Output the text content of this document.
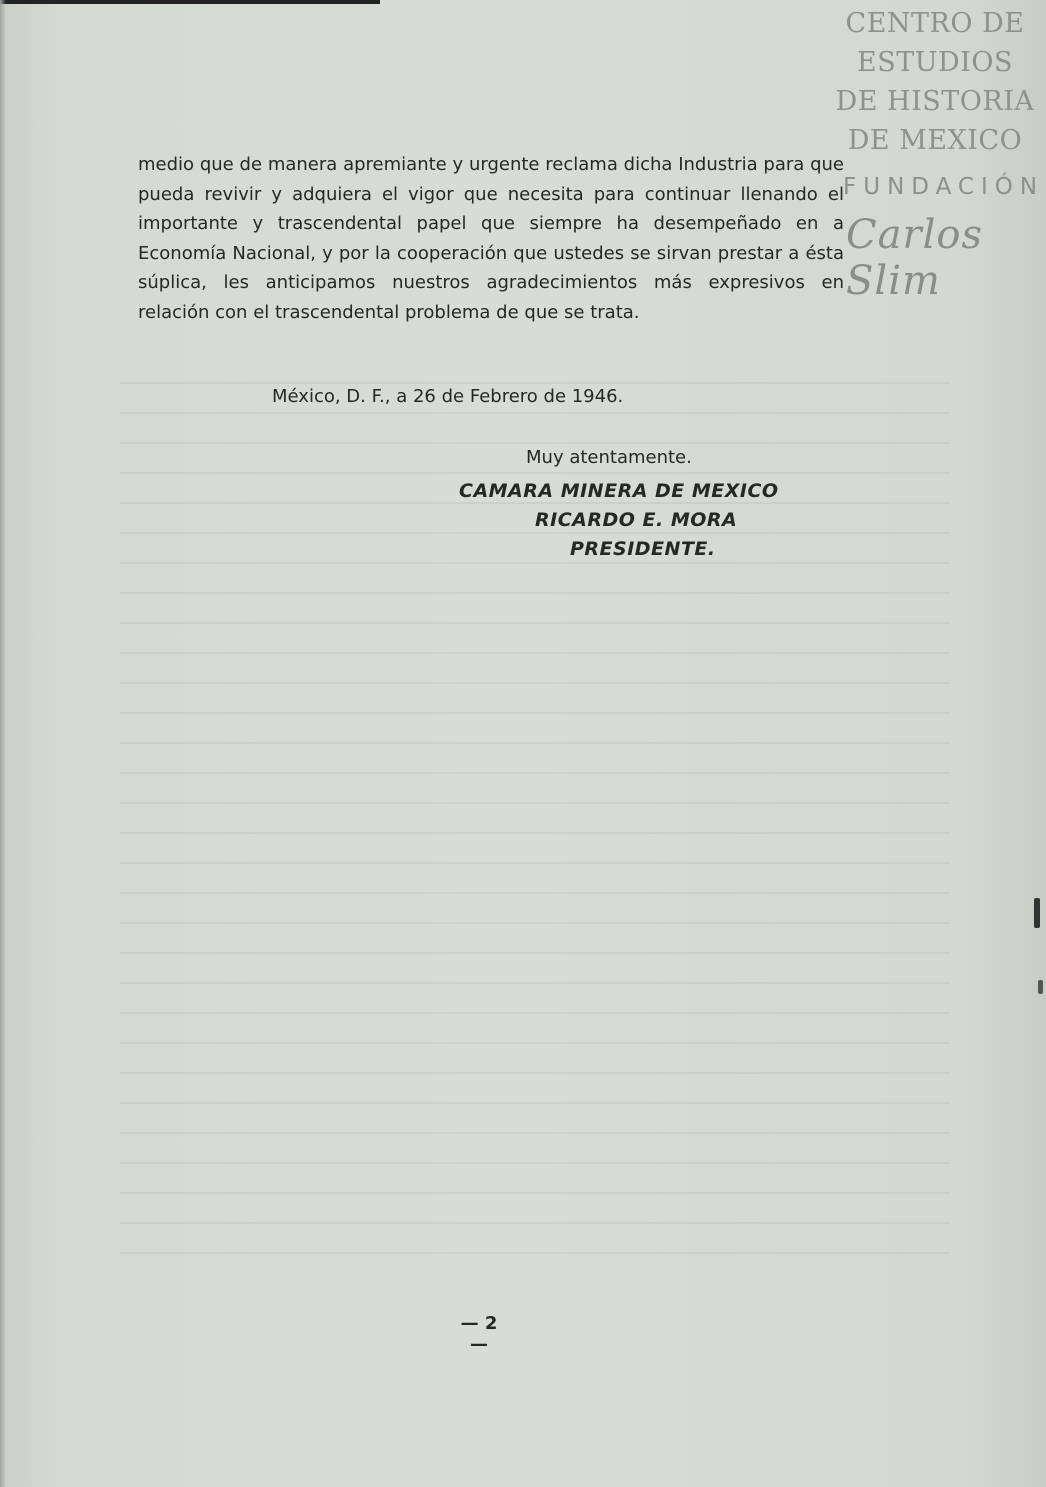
CENTRO DE
ESTUDIOS
DE HISTORIA
DE MEXICO
FUNDACIÓN
Carlos Slim
medio que de manera apremiante y urgente reclama dicha Industria para que pueda revivir y adquiera el vigor que necesita para continuar llenando el importante y trascendental papel que siempre ha desempeñado en a Economía Nacional, y por la cooperación que ustedes se sirvan prestar a ésta súplica, les anticipamos nuestros agradecimientos más expresivos en relación con el trascendental problema de que se trata.
México, D. F., a 26 de Febrero de 1946.
Muy atentamente.
CAMARA MINERA DE MEXICO
RICARDO E. MORA
PRESIDENTE.
— 2 —
